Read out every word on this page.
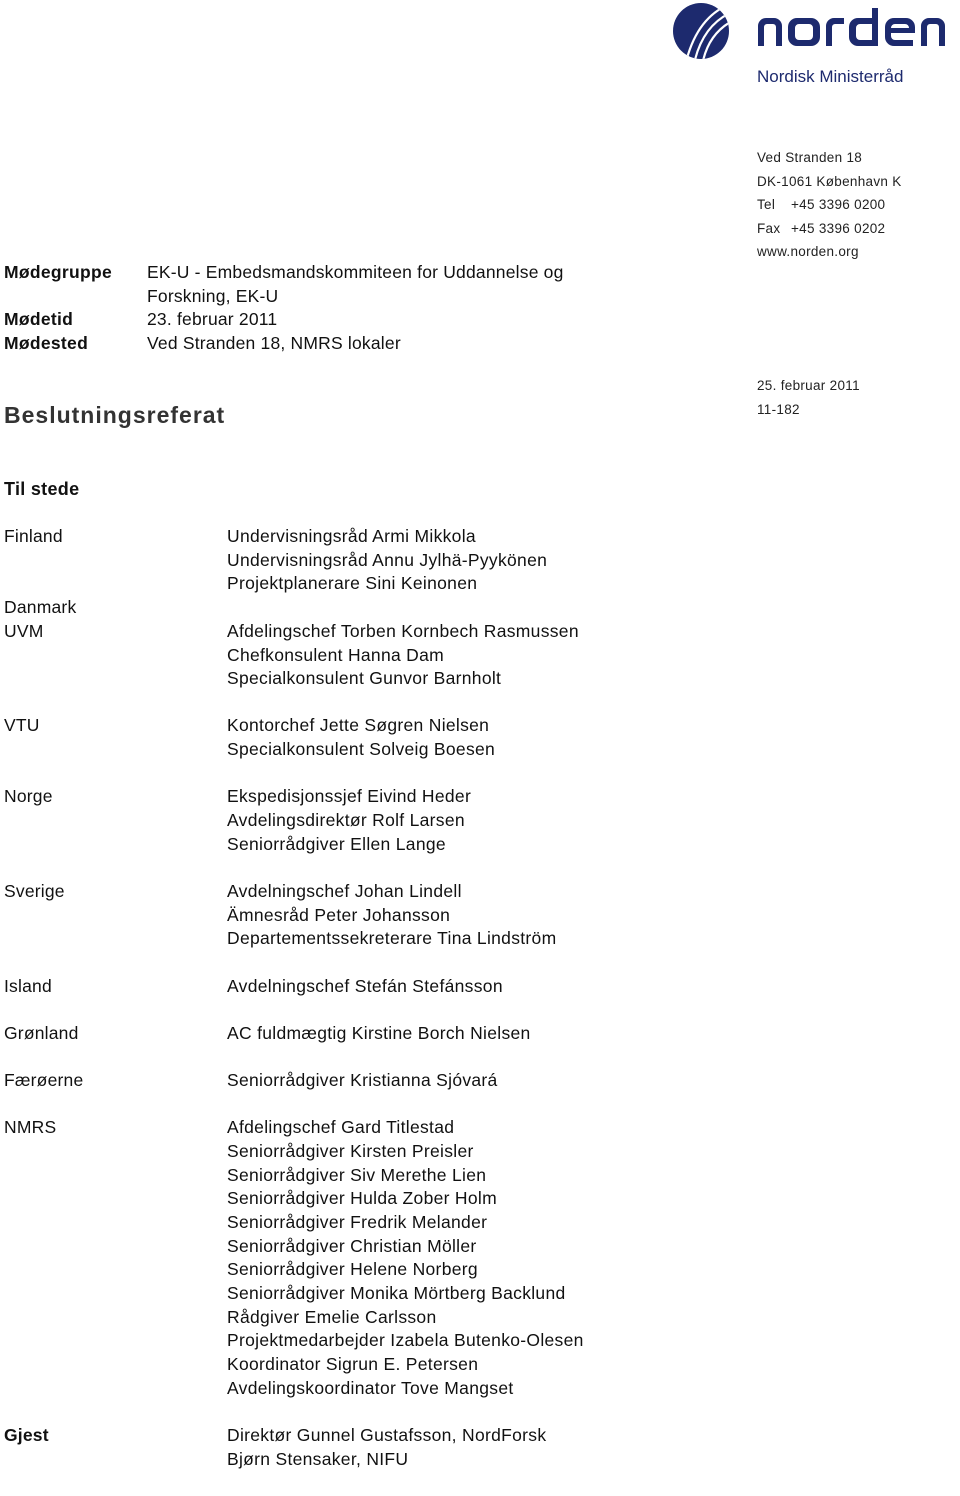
Nordisk Ministerråd
Ved Stranden 18
DK-1061 København K
Tel +45 3396 0200
Fax +45 3396 0202
www.norden.org
Mødegruppe	EK-U - Embedsmandskommiteen for Uddannelse og Forskning, EK-U
Mødetid	23. februar 2011
Mødested	Ved Stranden 18, NMRS lokaler
Beslutningsreferat
25. februar 2011
11-182
Til stede
Finland	Undervisningsråd Armi Mikkola
Undervisningsråd Annu Jylhä-Pyykönen
Projektplanerare Sini Keinonen
Danmark
UVM	Afdelingschef Torben Kornbech Rasmussen
Chefkonsulent Hanna Dam
Specialkonsulent Gunvor Barnholt
VTU	Kontorchef Jette Søgren Nielsen
Specialkonsulent Solveig Boesen
Norge	Ekspedisjonssjef Eivind Heder
Avdelingsdirektør Rolf Larsen
Seniorrådgiver Ellen Lange
Sverige	Avdelningschef Johan Lindell
Ämnesråd Peter Johansson
Departementssekreterare Tina Lindström
Island	Avdelningschef Stefán Stefánsson
Grønland	AC fuldmægtig Kirstine Borch Nielsen
Færøerne	Seniorrådgiver Kristianna Sjóvará
NMRS	Afdelingschef Gard Titlestad
Seniorrådgiver Kirsten Preisler
Seniorrådgiver Siv Merethe Lien
Seniorrådgiver Hulda Zober Holm
Seniorrådgiver Fredrik Melander
Seniorrådgiver Christian Möller
Seniorrådgiver Helene Norberg
Seniorrådgiver Monika Mörtberg Backlund
Rådgiver Emelie Carlsson
Projektmedarbejder Izabela Butenko-Olesen
Koordinator Sigrun E. Petersen
Avdelingskoordinator Tove Mangset
Gjest	Direktør Gunnel Gustafsson, NordForsk
Bjørn Stensaker, NIFU
